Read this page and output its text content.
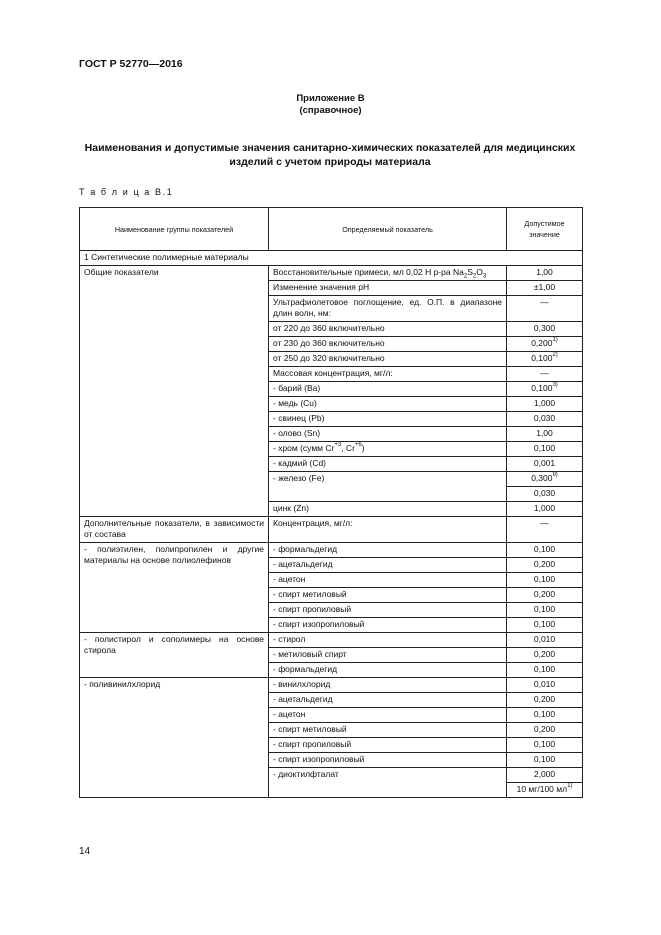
ГОСТ Р 52770—2016
Приложение В
(справочное)
Наименования и допустимые значения санитарно-химических показателей для медицинских
изделий с учетом природы материала
Т а б л и ц а В.1
Наименование группы показателей	Определяемый показатель	Допустимое значение
1 Синтетические полимерные материалы		
Общие показатели	Восстановительные примеси, мл 0,02 Н р-ра $Na_2S_2O_3$	1,00
	Изменение значения pH	±1,00
	Ультрафиолетовое поглощение, ед. О.П. в диапазоне длин волн, нм:	—
	от 220 до 360 включительно	0,300
	от 230 до 360 включительно	0,200$^{1)}$
	от 250 до 320 включительно	0,100$^{2)}$
	Массовая концентрация, мг/л:	—
	- барий (Ва)	0,100$^{3)}$
	- медь (Cu)	1,000
	- свинец (Pb)	0,030
	- олово (Sn)	1,00
	- хром (сумм $Cr^{+3}$, $Cr^{+6}$)	0,100
	- кадмий (Cd)	0,001
	- железо (Fe)	0,300$^{9)}$
		0,030
	цинк (Zn)	1,000
Дополнительные показатели, в зависимости от состава	Концентрация, мг/л:	—
- полиэтилен, полипропилен и другие материалы на основе полиолефинов	- формальдегид	0,100
	- ацетальдегид	0,200
	- ацетон	0,100
	- спирт метиловый	0,200
	- спирт пропиловый	0,100
	- спирт изопропиловый	0,100
- полистирол и сополимеры на основе стирола	- стирол	0,010
	- метиловый спирт	0,200
	- формальдегид	0,100
- поливинилхлорид	- винилхлорид	0,010
	- ацетальдегид	0,200
	- ацетон	0,100
	- спирт метиловый	0,200
	- спирт пропиловый	0,100
	- спирт изопропиловый	0,100
	- диоктилфталат	2,000
		10 мг/100 $мл^{1)}$
14
